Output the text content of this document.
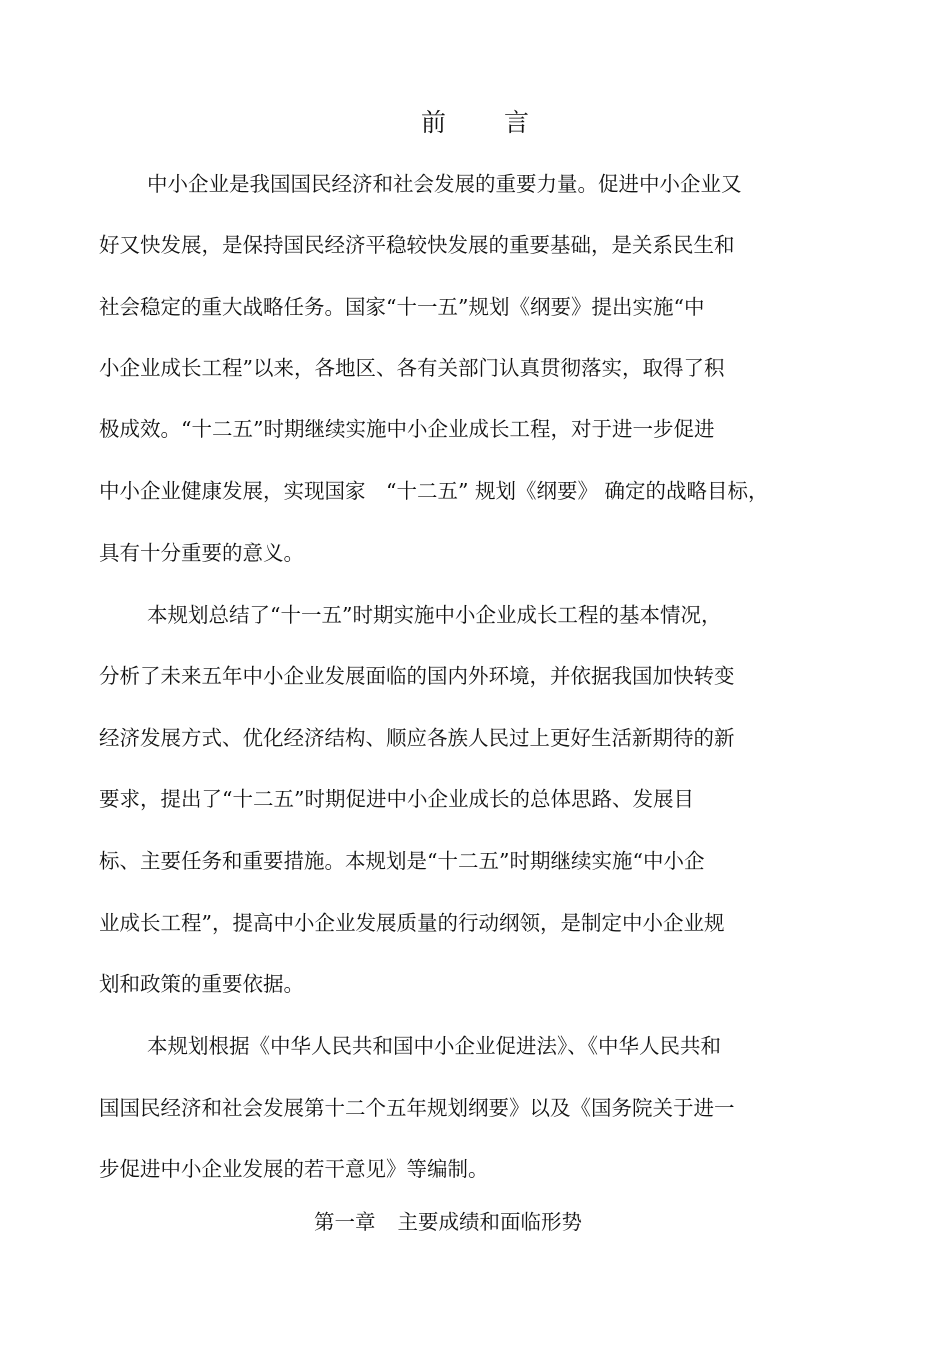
前 言

中小企业是我国国民经济和社会发展的重要力量。促进中小企业又

好又快发展，是保持国民经济平稳较快发展的重要基础，是关系民生和

社会稳定的重大战略任务。国家“十一五”规划《纲要》提出实施“中

小企业成长工程”以来，各地区、各有关部门认真贯彻落实，取得了积

极成效。“十二五”时期继续实施中小企业成长工程，对于进一步促进

中小企业健康发展，实现国家　“十二五” 规划《纲要》 确定的战略目标，

具有十分重要的意义。

本规划总结了“十一五”时期实施中小企业成长工程的基本情况，

分析了未来五年中小企业发展面临的国内外环境，并依据我国加快转变

经济发展方式、优化经济结构、顺应各族人民过上更好生活新期待的新

要求，提出了“十二五”时期促进中小企业成长的总体思路、发展目

标、主要任务和重要措施。本规划是“十二五”时期继续实施“中小企

业成长工程”，提高中小企业发展质量的行动纲领，是制定中小企业规

划和政策的重要依据。

本规划根据《中华人民共和国中小企业促进法》、《中华人民共和

国国民经济和社会发展第十二个五年规划纲要》以及《国务院关于进一

步促进中小企业发展的若干意见》等编制。

第一章 主要成绩和面临形势
